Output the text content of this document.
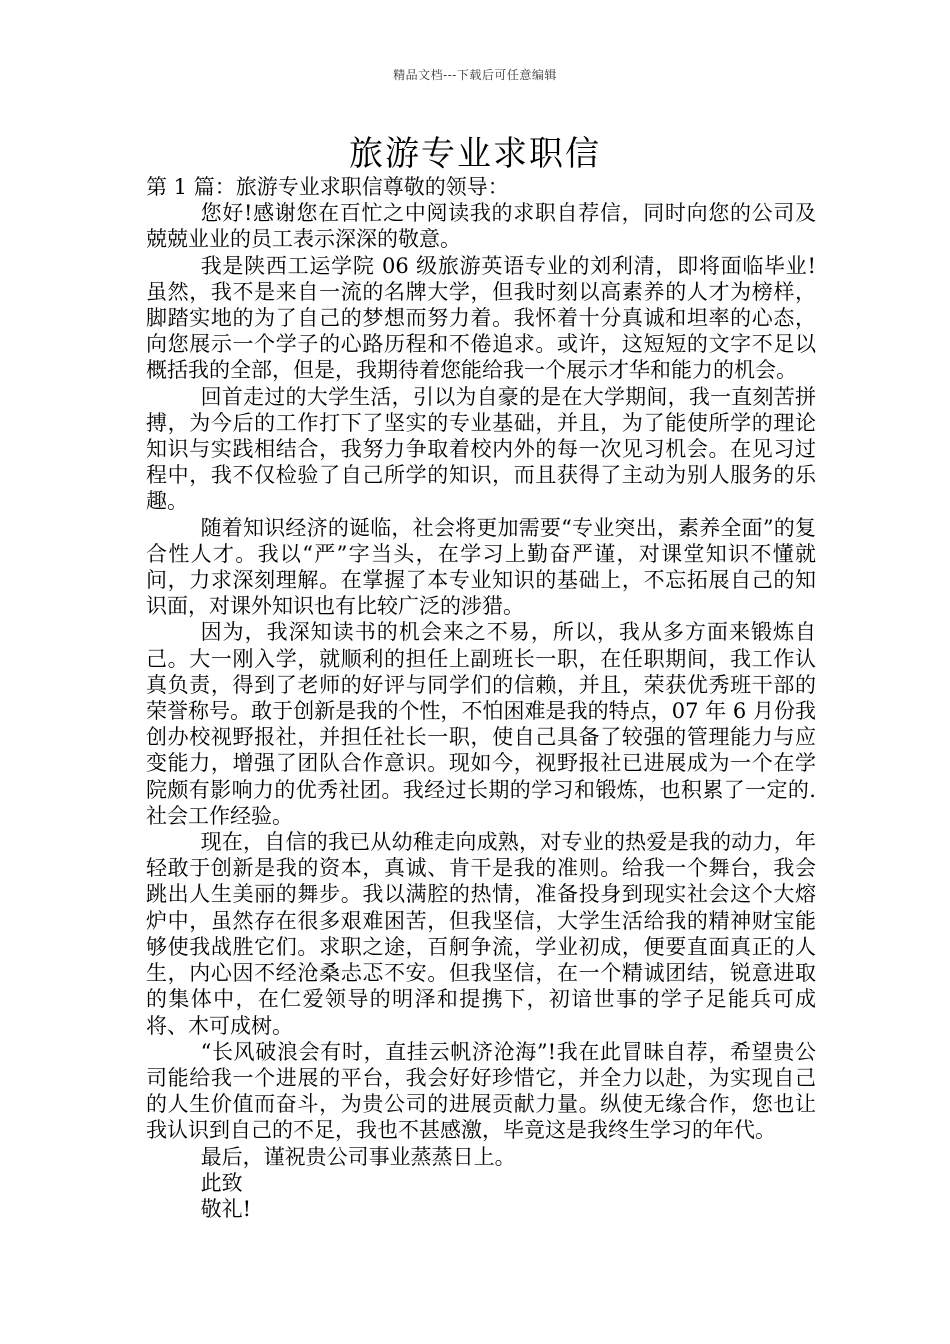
精品文档---下载后可任意编辑
旅游专业求职信

第 1 篇：旅游专业求职信尊敬的领导：

您好!感谢您在百忙之中阅读我的求职自荐信，同时向您的公司及兢兢业业的员工表示深深的敬意。

我是陕西工运学院 06 级旅游英语专业的刘利清，即将面临毕业!虽然，我不是来自一流的名牌大学，但我时刻以高素养的人才为榜样，脚踏实地的为了自己的梦想而努力着。我怀着十分真诚和坦率的心态，向您展示一个学子的心路历程和不倦追求。或许，这短短的文字不足以概括我的全部，但是，我期待着您能给我一个展示才华和能力的机会。

回首走过的大学生活，引以为自豪的是在大学期间，我一直刻苦拼搏，为今后的工作打下了坚实的专业基础，并且，为了能使所学的理论知识与实践相结合，我努力争取着校内外的每一次见习机会。在见习过程中，我不仅检验了自己所学的知识，而且获得了主动为别人服务的乐趣。

随着知识经济的诞临，社会将更加需要“专业突出，素养全面”的复合性人才。我以“严”字当头，在学习上勤奋严谨，对课堂知识不懂就问，力求深刻理解。在掌握了本专业知识的基础上，不忘拓展自己的知识面，对课外知识也有比较广泛的涉猎。

因为，我深知读书的机会来之不易，所以，我从多方面来锻炼自己。大一刚入学，就顺利的担任上副班长一职，在任职期间，我工作认真负责，得到了老师的好评与同学们的信赖，并且，荣获优秀班干部的荣誉称号。敢于创新是我的个性，不怕困难是我的特点，07 年 6 月份我创办校视野报社，并担任社长一职，使自己具备了较强的管理能力与应变能力，增强了团队合作意识。现如今，视野报社已进展成为一个在学院颇有影响力的优秀社团。我经过长期的学习和锻炼，也积累了一定的.社会工作经验。

现在，自信的我已从幼稚走向成熟，对专业的热爱是我的动力，年轻敢于创新是我的资本，真诚、肯干是我的准则。给我一个舞台，我会跳出人生美丽的舞步。我以满腔的热情，准备投身到现实社会这个大熔炉中，虽然存在很多艰难困苦，但我坚信，大学生活给我的精神财宝能够使我战胜它们。求职之途，百舸争流，学业初成，便要直面真正的人生，内心因不经沧桑忐忑不安。但我坚信，在一个精诚团结，锐意进取的集体中，在仁爱领导的明泽和提携下，初谙世事的学子足能兵可成将、木可成树。

“长风破浪会有时，直挂云帆济沧海”!我在此冒昧自荐，希望贵公司能给我一个进展的平台，我会好好珍惜它，并全力以赴，为实现自己的人生价值而奋斗，为贵公司的进展贡献力量。纵使无缘合作，您也让我认识到自己的不足，我也不甚感激，毕竟这是我终生学习的年代。

最后，谨祝贵公司事业蒸蒸日上。

此致

敬礼!
